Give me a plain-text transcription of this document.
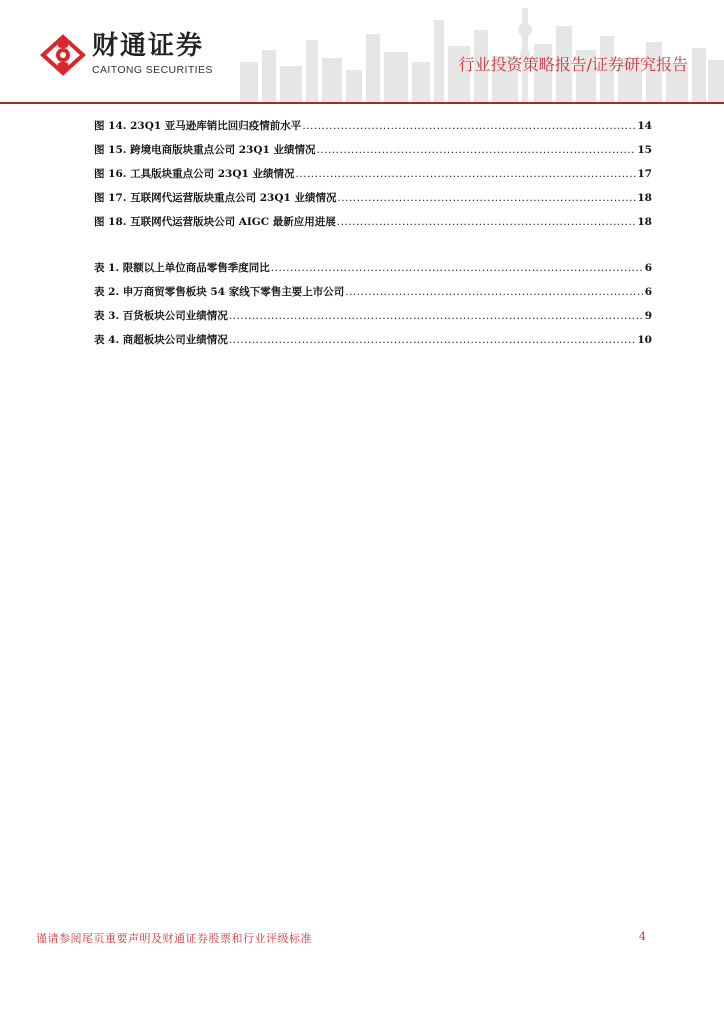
财通证券
CAITONG SECURITIES	行业投资策略报告/证券研究报告
图 14. 23Q1 亚马逊库销比回归疫情前水平 .....	14
图 15. 跨境电商版块重点公司 23Q1 业绩情况 .....	15
图 16. 工具版块重点公司 23Q1 业绩情况 .....	17
图 17. 互联网代运营版块重点公司 23Q1 业绩情况 .....	18
图 18. 互联网代运营版块公司 AIGC 最新应用进展 .....	18
表 1. 限额以上单位商品零售季度同比 .....	6
表 2. 申万商贸零售板块 54 家线下零售主要上市公司 .....	6
表 3. 百货板块公司业绩情况 .....	9
表 4. 商超板块公司业绩情况 .....	10
谨请参阅尾页重要声明及财通证券股票和行业评级标准	4
